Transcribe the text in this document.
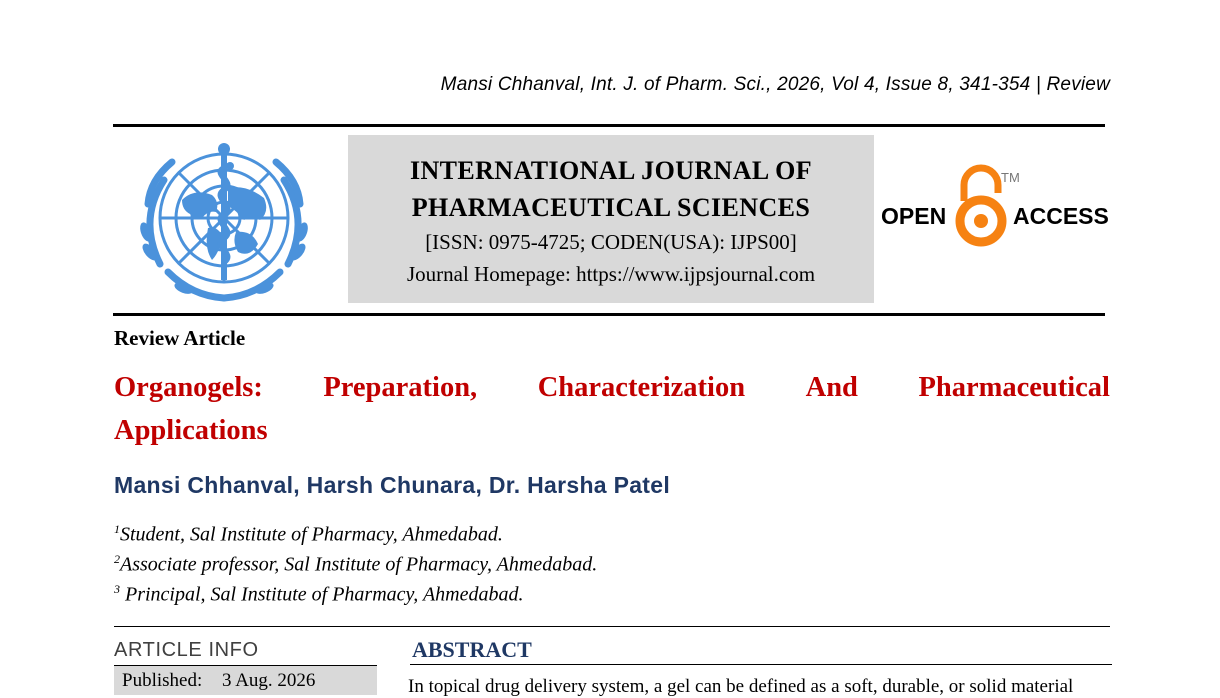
Mansi Chhanval, Int. J. of Pharm. Sci., 2026, Vol 4, Issue 8, 341-354 | Review
INTERNATIONAL JOURNAL OF
PHARMACEUTICAL SCIENCES
[ISSN: 0975-4725; CODEN(USA): IJPS00]
Journal Homepage: https://www.ijpsjournal.com
OPEN	ACCESS
TM
Review Article
Organogels: Preparation, Characterization And Pharmaceutical
Applications
Mansi Chhanval, Harsh Chunara, Dr. Harsha Patel
$^1$Student, Sal Institute of Pharmacy, Ahmedabad.
$^2$Associate professor, Sal Institute of Pharmacy, Ahmedabad.
$^3$ Principal, Sal Institute of Pharmacy, Ahmedabad.
ARTICLE INFO
Published: 3 Aug. 2026
ABSTRACT
In topical drug delivery system, a gel can be defined as a soft, durable, or solid material
